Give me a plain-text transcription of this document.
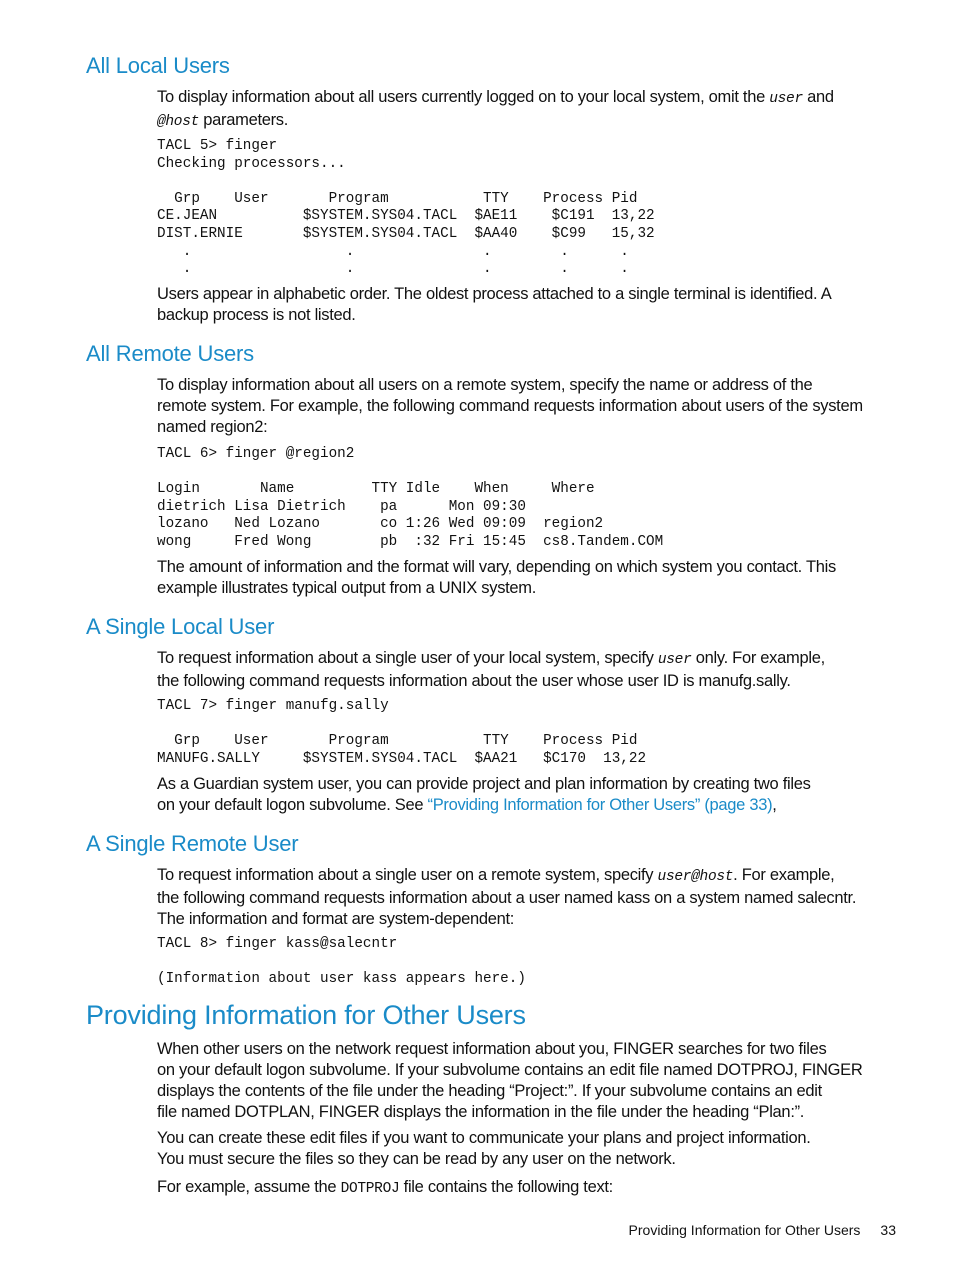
All Local Users

To display information about all users currently logged on to your local system, omit the user and
@host parameters.

TACL 5> finger
Checking processors...

Grp    User       Program           TTY    Process Pid
CE.JEAN          $SYSTEM.SYS04.TACL  $AE11    $C191  13,22
DIST.ERNIE       $SYSTEM.SYS04.TACL  $AA40    $C99   15,32
.                  .               .        .      .
.                  .               .        .      .

Users appear in alphabetic order. The oldest process attached to a single terminal is identified. A
backup process is not listed.

All Remote Users

To display information about all users on a remote system, specify the name or address of the
remote system. For example, the following command requests information about users of the system
named region2:

TACL 6> finger @region2

Login       Name         TTY Idle    When     Where
dietrich Lisa Dietrich    pa      Mon 09:30
lozano   Ned Lozano       co 1:26 Wed 09:09  region2
wong     Fred Wong        pb  :32 Fri 15:45  cs8.Tandem.COM

The amount of information and the format will vary, depending on which system you contact. This
example illustrates typical output from a UNIX system.

A Single Local User

To request information about a single user of your local system, specify user only. For example,
the following command requests information about the user whose user ID is manufg.sally.

TACL 7> finger manufg.sally

Grp    User       Program           TTY    Process Pid
MANUFG.SALLY     $SYSTEM.SYS04.TACL  $AA21   $C170  13,22

As a Guardian system user, you can provide project and plan information by creating two files
on your default logon subvolume. See “Providing Information for Other Users” (page 33),

A Single Remote User

To request information about a single user on a remote system, specify user@host. For example,
the following command requests information about a user named kass on a system named salecntr.
The information and format are system-dependent:

TACL 8> finger kass@salecntr

(Information about user kass appears here.)
Providing Information for Other Users

When other users on the network request information about you, FINGER searches for two files
on your default logon subvolume. If your subvolume contains an edit file named DOTPROJ, FINGER
displays the contents of the file under the heading “Project:”. If your subvolume contains an edit
file named DOTPLAN, FINGER displays the information in the file under the heading “Plan:”.

You can create these edit files if you want to communicate your plans and project information.
You must secure the files so they can be read by any user on the network.

For example, assume the DOTPROJ file contains the following text:

Providing Information for Other Users 33
